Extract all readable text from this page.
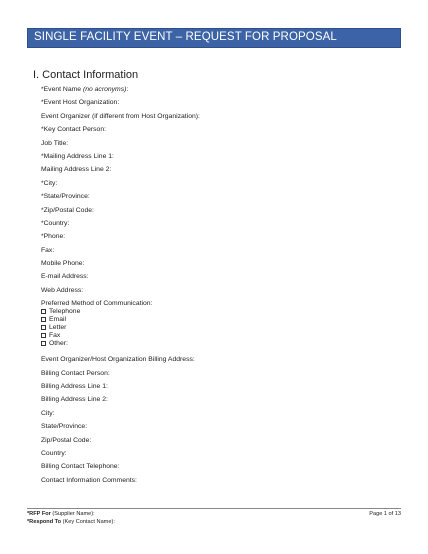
SINGLE FACILITY EVENT – REQUEST FOR PROPOSAL
I. Contact Information
*Event Name (no acronyms):
*Event Host Organization:
Event Organizer (if different from Host Organization):
*Key Contact Person:
Job Title:
*Mailing Address Line 1:
Mailing Address Line 2:
*City:
*State/Province:
*Zip/Postal Code:
*Country:
*Phone:
Fax:
Mobile Phone:
E-mail Address:
Web Address:
Preferred Method of Communication:
Telephone
Email
Letter
Fax
Other:
Event Organizer/Host Organization Billing Address:
Billing Contact Person:
Billing Address Line 1:
Billing Address Line 2:
City:
State/Province:
Zip/Postal Code:
Country:
Billing Contact Telephone:
Contact Information Comments:
*RFP For (Supplier Name):
*Respond To (Key Contact Name):
Page 1 of 13
